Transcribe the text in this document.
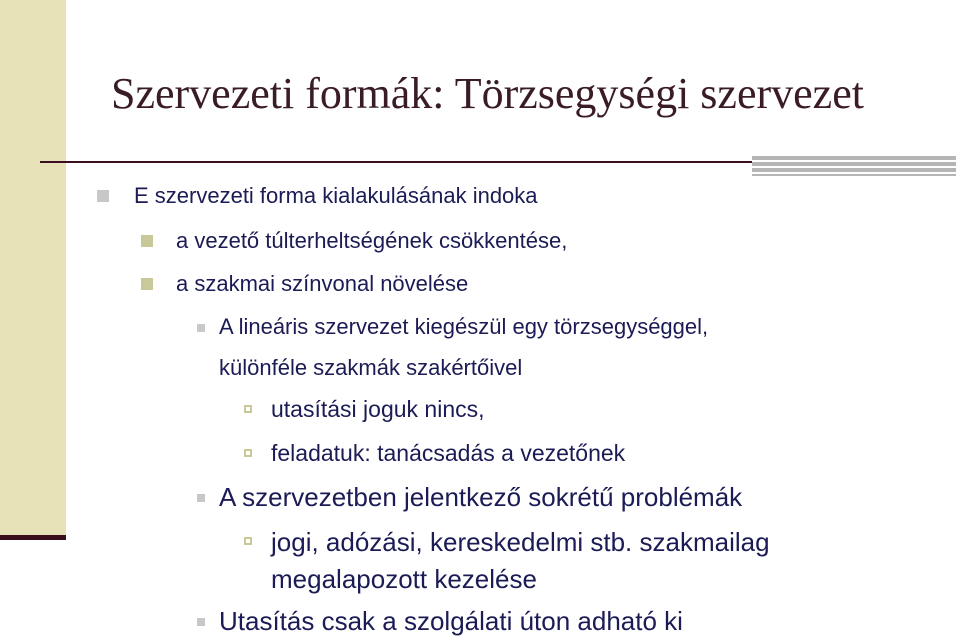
Szervezeti formák: Törzsegységi szervezet
E szervezeti forma kialakulásának indoka
a vezető túlterheltségének csökkentése,
a szakmai színvonal növelése
A lineáris szervezet kiegészül egy törzsegységgel,
különféle szakmák szakértőivel
utasítási joguk nincs,
feladatuk: tanácsadás a vezetőnek
A szervezetben jelentkező sokrétű problémák
jogi, adózási, kereskedelmi stb. szakmailag
megalapozott kezelése
Utasítás csak a szolgálati úton adható ki
